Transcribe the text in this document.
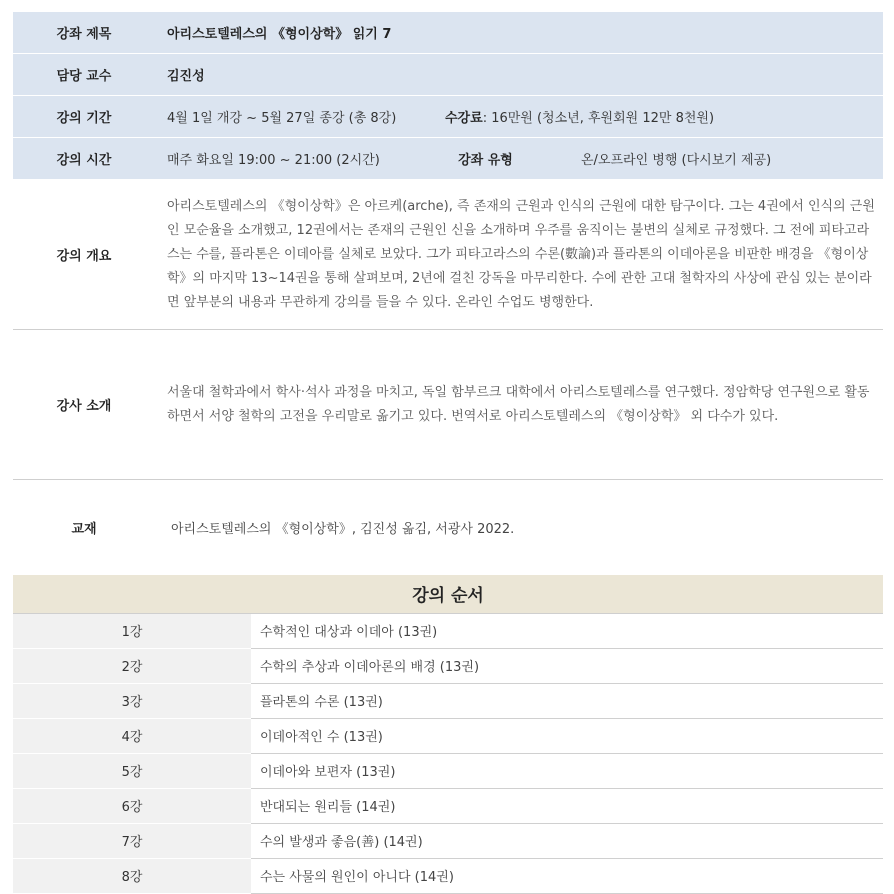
강좌 제목	아리스토텔레스의 《형이상학》 읽기 7		
담당 교수	김진성		
강의 기간	4월 1일 개강 ~ 5월 27일 종강 (총 8강)	수강료: 16만원 (청소년, 후원회원 12만 8천원)	
강의 시간	매주 화요일 19:00 ~ 21:00 (2시간)	강좌 유형	온/오프라인 병행 (다시보기 제공)
강의 개요	아리스토텔레스의 《형이상학》은 아르케(arche), 즉 존재의 근원과 인식의 근원에 대한 탐구이다. 그는 4권에서 인식의 근원인 모순율을 소개했고, 12권에서는 존재의 근원인 신을 소개하며 우주를 움직이는 불변의 실체로 규정했다. 그 전에 피타고라스는 수를, 플라톤은 이데아를 실체로 보았다. 그가 피타고라스의 수론(數論)과 플라톤의 이데아론을 비판한 배경을 《형이상학》의 마지막 13~14권을 통해 살펴보며, 2년에 걸친 강독을 마무리한다. 수에 관한 고대 철학자의 사상에 관심 있는 분이라면 앞부분의 내용과 무관하게 강의를 들을 수 있다. 온라인 수업도 병행한다.		
강사 소개	서울대 철학과에서 학사·석사 과정을 마치고, 독일 함부르크 대학에서 아리스토텔레스를 연구했다. 정암학당 연구원으로 활동하면서 서양 철학의 고전을 우리말로 옮기고 있다. 번역서로 아리스토텔레스의 《형이상학》 외 다수가 있다.		
교재	아리스토텔레스의 《형이상학》, 김진성 옮김, 서광사 2022.		
강의 순서	
1강	수학적인 대상과 이데아 (13권)
2강	수학의 추상과 이데아론의 배경 (13권)
3강	플라톤의 수론 (13권)
4강	이데아적인 수 (13권)
5강	이데아와 보편자 (13권)
6강	반대되는 원리들 (14권)
7강	수의 발생과 좋음(善) (14권)
8강	수는 사물의 원인이 아니다 (14권)
